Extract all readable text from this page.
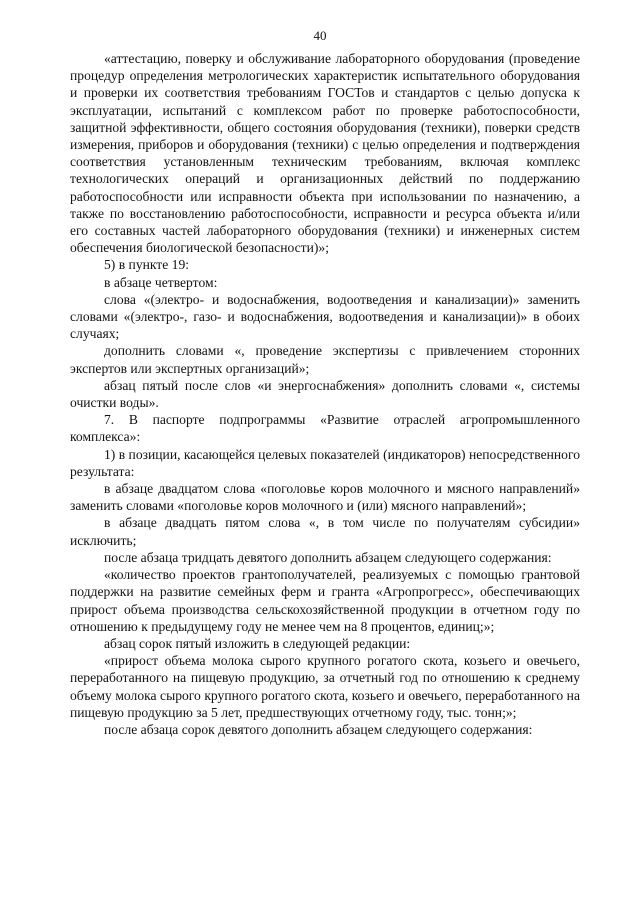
40

«аттестацию, поверку и обслуживание лабораторного оборудования (проведение процедур определения метрологических характеристик испытательного оборудования и проверки их соответствия требованиям ГОСТов и стандартов с целью допуска к эксплуатации, испытаний с комплексом работ по проверке работоспособности, защитной эффективности, общего состояния оборудования (техники), поверки средств измерения, приборов и оборудования (техники) с целью определения и подтверждения соответствия установленным техническим требованиям, включая комплекс технологических операций и организационных действий по поддержанию работоспособности или исправности объекта при использовании по назначению, а также по восстановлению работоспособности, исправности и ресурса объекта и/или его составных частей лабораторного оборудования (техники) и инженерных систем обеспечения биологической безопасности)»;

5) в пункте 19:

в абзаце четвертом:

слова «(электро- и водоснабжения, водоотведения и канализации)» заменить словами «(электро-, газо- и водоснабжения, водоотведения и канализации)» в обоих случаях;

дополнить словами «, проведение экспертизы с привлечением сторонних экспертов или экспертных организаций»;

абзац пятый после слов «и энергоснабжения» дополнить словами «, системы очистки воды».

7. В паспорте подпрограммы «Развитие отраслей агропромышленного комплекса»:

1) в позиции, касающейся целевых показателей (индикаторов) непосредственного результата:

в абзаце двадцатом слова «поголовье коров молочного и мясного направлений» заменить словами «поголовье коров молочного и (или) мясного направлений»;

в абзаце двадцать пятом слова «, в том числе по получателям субсидии» исключить;

после абзаца тридцать девятого дополнить абзацем следующего содержания:

«количество проектов грантополучателей, реализуемых с помощью грантовой поддержки на развитие семейных ферм и гранта «Агропрогресс», обеспечивающих прирост объема производства сельскохозяйственной продукции в отчетном году по отношению к предыдущему году не менее чем на 8 процентов, единиц;»;

абзац сорок пятый изложить в следующей редакции:

«прирост объема молока сырого крупного рогатого скота, козьего и овечьего, переработанного на пищевую продукцию, за отчетный год по отношению к среднему объему молока сырого крупного рогатого скота, козьего и овечьего, переработанного на пищевую продукцию за 5 лет, предшествующих отчетному году, тыс. тонн;»;

после абзаца сорок девятого дополнить абзацем следующего содержания:
